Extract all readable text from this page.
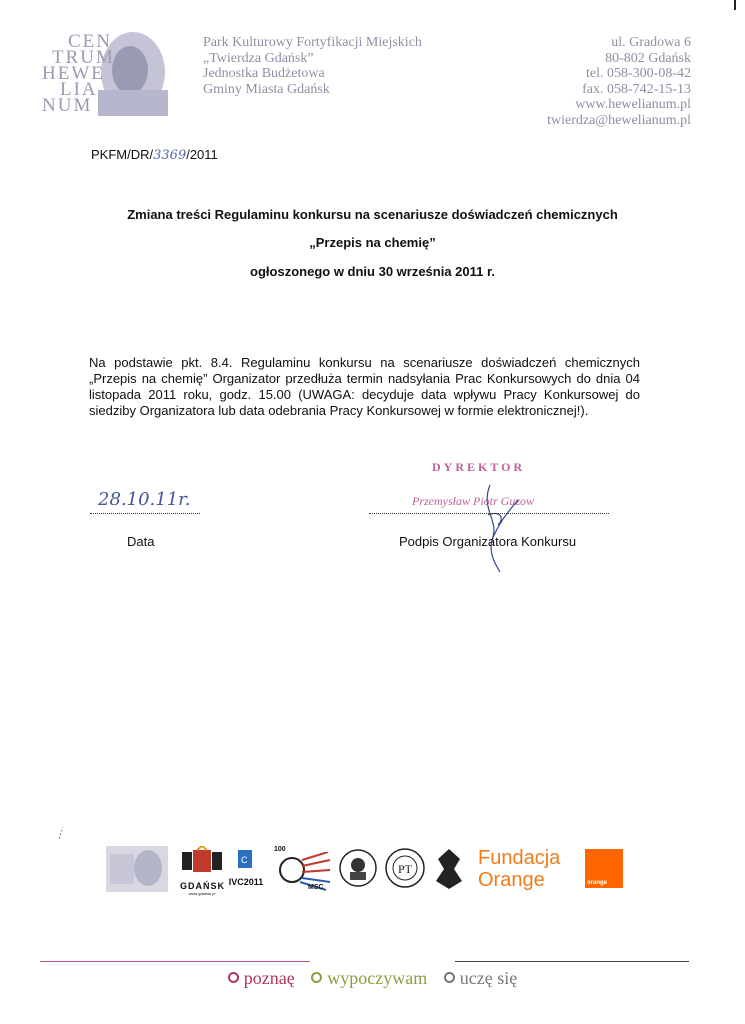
CEN
TRUM
HEWE
LIA
NUM
Park Kulturowy Fortyfikacji Miejskich
„Twierdza Gdańsk”
Jednostka Budżetowa
Gminy Miasta Gdańsk
ul. Gradowa 6
80-802 Gdańsk
tel. 058-300-08-42
fax. 058-742-15-13
www.hewelianum.pl
twierdza@hewelianum.pl
PKFM/DR/3369/2011
Zmiana treści Regulaminu konkursu na scenariusze doświadczeń chemicznych
„Przepis na chemię”
ogłoszonego w dniu 30 września 2011 r.
Na podstawie pkt. 8.4. Regulaminu konkursu na scenariusze doświadczeń chemicznych „Przepis na chemię” Organizator przedłuża termin nadsyłania Prac Konkursowych do dnia 04 listopada 2011 roku, godz. 15.00 (UWAGA: decyduje data wpływu Pracy Konkursowej do siedziby Organizatora lub data odebrania Pracy Konkursowej w formie elektronicznej!).
28.10.11r.
Data
DYREKTOR
Przemysław Piotr Guzow
Podpis Organizatora Konkursu
GDAŃSK
www.gdansk.pl
C
IVC2011
100
MSC
PT	Fundacja
Orange	orange
poznaę wypoczywam uczę się
